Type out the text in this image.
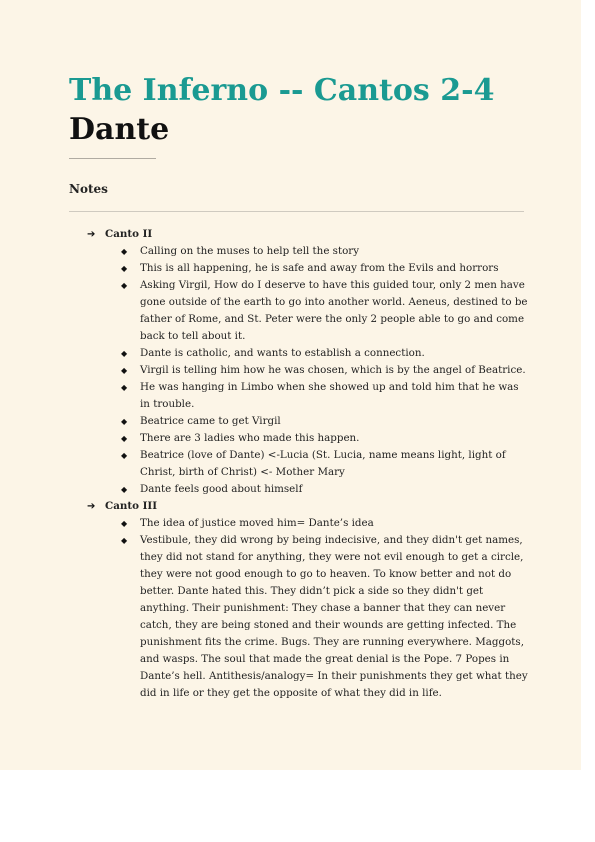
The Inferno -- Cantos 2-4
Dante
Notes
➔ Canto II
◆ Calling on the muses to help tell the story
◆ This is all happening, he is safe and away from the Evils and horrors
◆ Asking Virgil, How do I deserve to have this guided tour, only 2 men have gone outside of the earth to go into another world. Aeneus, destined to be father of Rome, and St. Peter were the only 2 people able to go and come back to tell about it.
◆ Dante is catholic, and wants to establish a connection.
◆ Virgil is telling him how he was chosen, which is by the angel of Beatrice.
◆ He was hanging in Limbo when she showed up and told him that he was in trouble.
◆ Beatrice came to get Virgil
◆ There are 3 ladies who made this happen.
◆ Beatrice (love of Dante) <-Lucia (St. Lucia, name means light, light of Christ, birth of Christ) <- Mother Mary
◆ Dante feels good about himself
➔ Canto III
◆ The idea of justice moved him= Dante’s idea
◆ Vestibule, they did wrong by being indecisive, and they didn't get names, they did not stand for anything, they were not evil enough to get a circle, they were not good enough to go to heaven. To know better and not do better. Dante hated this. They didn’t pick a side so they didn't get anything. Their punishment: They chase a banner that they can never catch, they are being stoned and their wounds are getting infected. The punishment fits the crime. Bugs. They are running everywhere. Maggots, and wasps. The soul that made the great denial is the Pope. 7 Popes in Dante’s hell. Antithesis/analogy= In their punishments they get what they did in life or they get the opposite of what they did in life.
